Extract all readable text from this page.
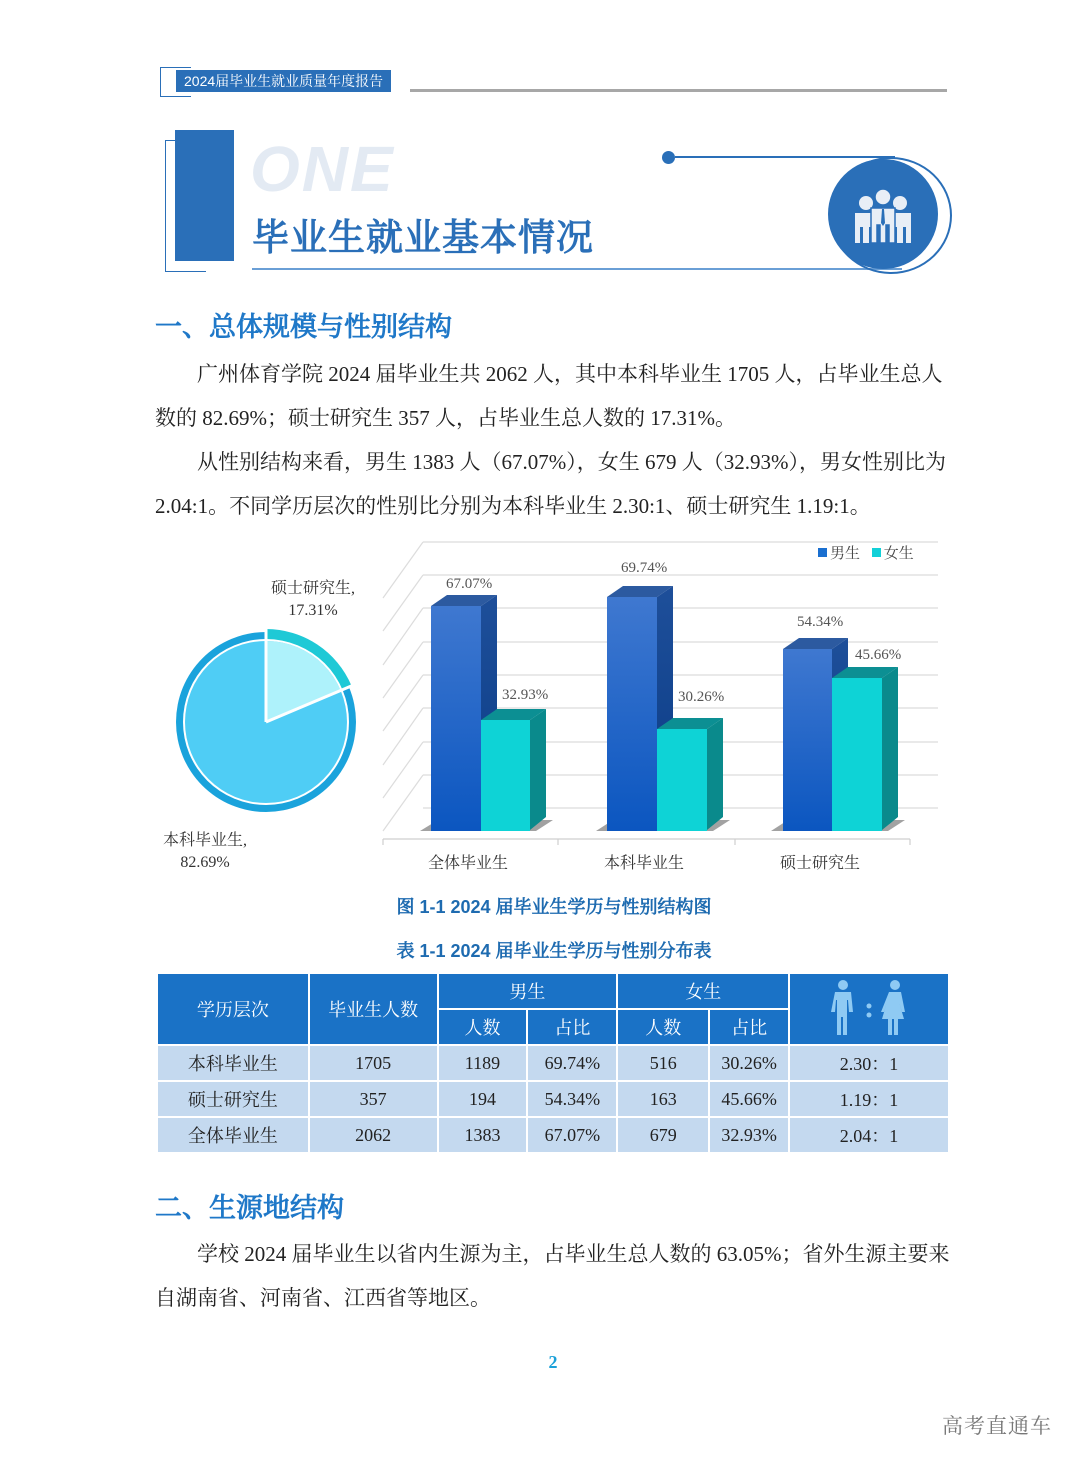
2024届毕业生就业质量年度报告
ONE
毕业生就业基本情况
一、总体规模与性别结构
广州体育学院 2024 届毕业生共 2062 人，其中本科毕业生 1705 人，占毕业生总人数的 82.69%；硕士研究生 357 人，占毕业生总人数的 17.31%。
从性别结构来看，男生 1383 人（67.07%），女生 679 人（32.93%），男女性别比为 2.04:1。不同学历层次的性别比分别为本科毕业生 2.30:1、硕士研究生 1.19:1。
硕士研究生,
17.31%
本科毕业生,
82.69%
67.07%
32.93%
69.74%
30.26%
54.34%
45.66%
全体毕业生	本科毕业生	硕士研究生
男生 女生
图 1-1 2024 届毕业生学历与性别结构图
表 1-1 2024 届毕业生学历与性别分布表
学历层次	毕业生人数	男生		女生	
		人数	占比	人数	占比	
本科毕业生	1705	1189	69.74%	516	30.26%	2.30：1
硕士研究生	357	194	54.34%	163	45.66%	1.19：1
全体毕业生	2062	1383	67.07%	679	32.93%	2.04：1
二、生源地结构
学校 2024 届毕业生以省内生源为主，占毕业生总人数的 63.05%；省外生源主要来自湖南省、河南省、江西省等地区。
2
高考直通车
